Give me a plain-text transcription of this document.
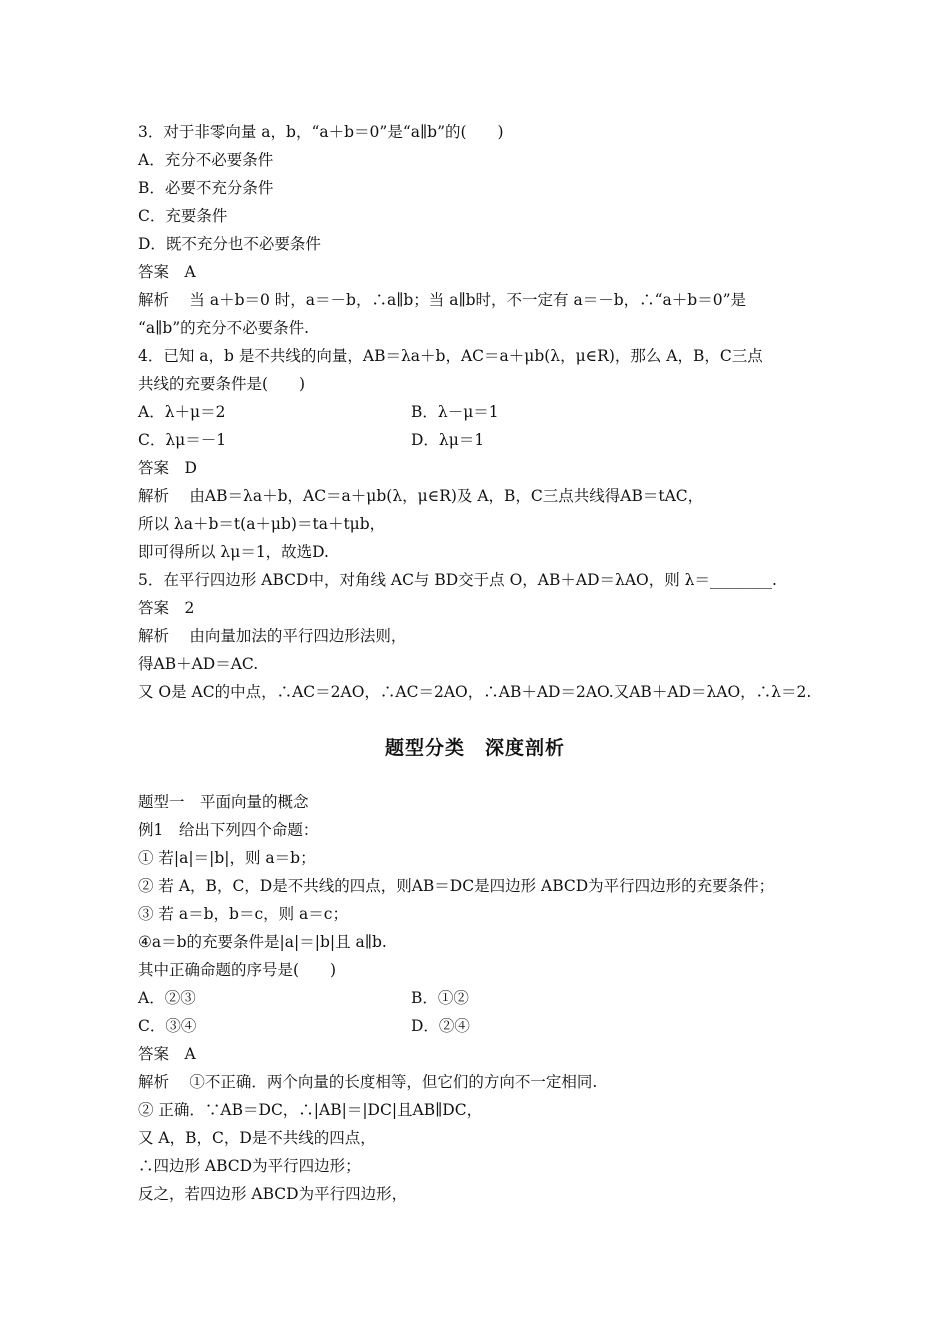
3．对于非零向量 a，b，“a＋b＝0”是“a∥b”的(　　)
A．充分不必要条件
B．必要不充分条件
C．充要条件
D．既不充分也不必要条件
答案　A
解析　 当 a＋b＝0 时，a＝－b，∴a∥b；当 a∥b时，不一定有 a＝－b，∴“a＋b＝0”是
“a∥b”的充分不必要条件.
4．已知 a，b 是不共线的向量，AB＝λa＋b，AC＝a＋μb(λ，μ∈R)，那么 A，B，C三点
共线的充要条件是(　　)
A．λ＋μ＝2	B．λ－μ＝1
C．λμ＝－1	D．λμ＝1
答案　D
解析　 由AB＝λa＋b，AC＝a＋μb(λ，μ∈R)及 A，B，C三点共线得AB＝tAC，
所以 λa＋b＝t(a＋μb)＝ta＋tμb，
即可得所以 λμ＝1，故选D.
5．在平行四边形 ABCD中，对角线 AC与 BD交于点 O，AB＋AD＝λAO，则 λ＝________.
答案　2
解析　 由向量加法的平行四边形法则，
得AB＋AD＝AC.
又 O是 AC的中点，∴AC＝2AO，∴AC＝2AO，∴AB＋AD＝2AO.又AB＋AD＝λAO，∴λ＝2.
题型分类　深度剖析
题型一　平面向量的概念
例1　给出下列四个命题：
① 若|a|＝|b|，则 a＝b；
② 若 A，B，C，D是不共线的四点，则AB＝DC是四边形 ABCD为平行四边形的充要条件；
③ 若 a＝b，b＝c，则 a＝c；
④a＝b的充要条件是|a|＝|b|且 a∥b.
其中正确命题的序号是(　　)
A．②③	B．①②
C．③④	D．②④
答案　A
解析　 ①不正确．两个向量的长度相等，但它们的方向不一定相同.
② 正确．∵AB＝DC，∴|AB|＝|DC|且AB∥DC，
又 A，B，C，D是不共线的四点，
∴四边形 ABCD为平行四边形；
反之，若四边形 ABCD为平行四边形，
